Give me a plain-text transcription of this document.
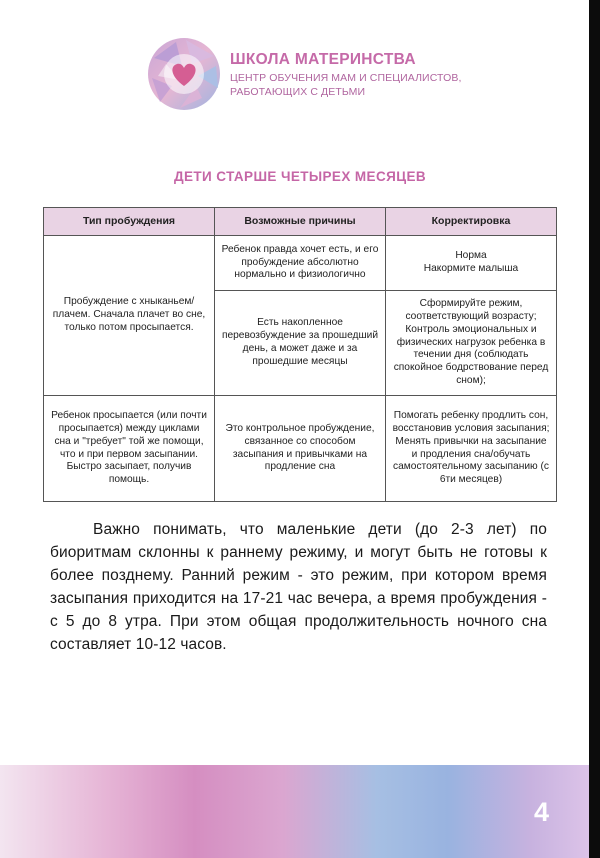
ШКОЛА МАТЕРИНСТВА
ЦЕНТР ОБУЧЕНИЯ МАМ И СПЕЦИАЛИСТОВ,
РАБОТАЮЩИХ С ДЕТЬМИ
ДЕТИ СТАРШЕ ЧЕТЫРЕХ МЕСЯЦЕВ
Тип пробуждения	Возможные причины	Корректировка
Пробуждение с хныканьем/плачем. Сначала плачет во сне, только потом просыпается.	Ребенок правда хочет есть, и его пробуждение абсолютно нормально и физиологично	Норма
Накормите малыша

	Есть накопленное перевозбуждение за прошедший день, а может даже и за прошедшие месяцы	Сформируйте режим, соответствующий возрасту; Контроль эмоциональных и физических нагрузок ребенка в течении дня (соблюдать спокойное бодрствование перед сном);
Ребенок просыпается (или почти просыпается) между циклами сна и "требует" той же помощи, что и при первом засыпании. Быстро засыпает, получив помощь.	Это контрольное пробуждение, связанное со способом засыпания и привычками на продление сна	Помогать ребенку продлить сон, восстановив условия засыпания; Менять привычки на засыпание и продления сна/обучать самостоятельному засыпанию (с 6ти месяцев)
Важно понимать, что маленькие дети (до 2-3 лет) по биоритмам склонны к раннему режиму, и могут быть не готовы к более позднему. Ранний режим - это режим, при котором время засыпания приходится на 17-21 час вечера, а время пробуждения - с 5 до 8 утра. При этом общая продолжительность ночного сна составляет 10-12 часов.
4
